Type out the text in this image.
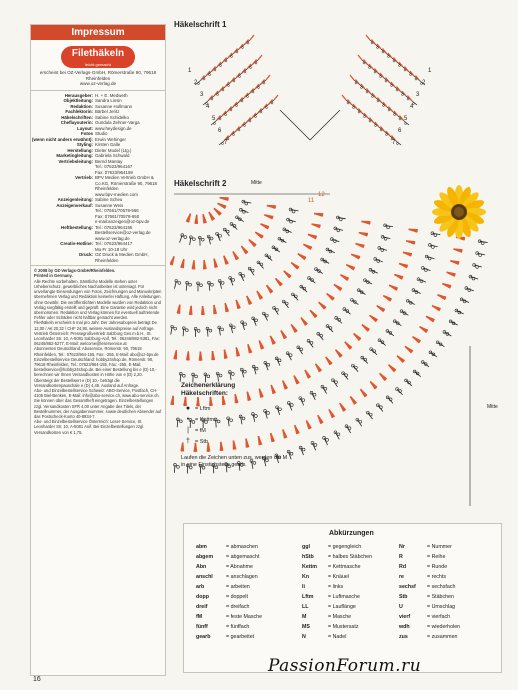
Impressum
Filethäkeln
leicht gemacht
erscheint bei OZ-Verlags-GmbH, Römerstraße 90, 79618 Rheinfelden
www.oz-verlag.de
Herausgeber: H. + E. Medweth
Objektleitung: Sandra Linsin
Redaktion: Susanne Hollmann
Fachlektorin: Bärbel Jeritz
Häkelschriften: Sabine Schidelko
Cheflayouterin: Gundula Zehner-Varga
Layout: www.heydesign.de
Fotos Studio
(wenn nicht anders erwähnt): Erwin Wehinger
Styling: Kirsten Galle
Herstellung: Dieter Model (Ltg.)
Marketingleitung: Gabriela Schwald
Vertriebsleitung: Bernd Mantay
Tel.: 07623/964167
Fax: 07623/964159
Vertrieb: BPV Medien Vertrieb GmbH & Co.KG, Römerstraße 90, 79618 Rheinfelden
www.bpv-medien.com
Anzeigenleitung: Sabine Scheu
Anzeigenverkauf: Susanne Weis
Tel.: 07661/70578-566
Fax: 07661/70578-650
e-mail:anzeigen@oz-bpv.de
Heftbestellung: Tel.: 07623/964155
Bestellservice@oz-verlag.de
www.oz-verlag.de
Creativ-Hotline: Tel.: 07623/964417
Mo-Fr 10-18 Uhr
Druck: OZ Druck & Medien GmbH, Rheinfelden
© 2008 by OZ-Verlags-GmbH/Rheinfelden.
Printed in Germany.
Alle Rechte vorbehalten. Sämtliche Modelle stehen unter Urheberschutz, gewerbliches Nacharbeiten ist untersagt. Für unverlangte Einsendungen von Fotos, Zeichnungen und Manuskripten übernehmen Verlag und Redaktion keinerlei Haftung. Alle Anleitungen ohne Gewähr. Die veröffentlichten Modelle wurden von Redaktion und Verlag sorgfältig erstellt und geprüft. Eine Garantie wird jedoch nicht übernommen. Redaktion und Verlag können für eventuell auftretende Fehler oder Schäden nicht haftbar gemacht werden.
Filethäkeln erscheint 6 mal pro Jahr. Der Jahresabopreis beträgt De 12,00 / A€ 20,32 / CHF 24,90, weitere Auslandspreise auf Anfrage.
Vertrieb Österreich: Pressegroßvertrieb Salzburg Ges.m.b.H., St. Leonharder Str. 10, A-5081 Salzburg-Anif, Tel.: 06246/882-5381, Fax: 06246/882-5277, E-Mail: welcome@leserservice.at
Abonnenten Deutschland: Aboservice, Römerstr. 90, 79618 Rheinfelden, Tel.: 07623/964-155, Fax: -255, E-Mail: abo@oz-bpv.de
Einzelbestellservice Deutschland: hobby24shop.de, Römerstr. 90, 79618 Rheinfelden, Tel.: 07623/964-155, Fax: -255, E-Mail: bestellservice@hobby24shop.de. Bei einer Bestellung bis e (D) 10,- berechnen wir Ihnen Versandkosten in Höhe von e (D) 2,20. Übersteigt der Bestellwert e (D) 10,- beträgt die Versandkostenpauschale e (D) 4,45. Ausland auf Anfrage.
Abo- und Einzelbestellservice Schweiz: ABO-Service, Postfach, CH-4105 Biel-Benken, E-Mail: info@abo-service.ch, www.abo-service.ch. Sie können über das Gesamtheft eingetragen. Einzelbestellungen zzgl. Versandkosten SFR 4,00 unter Angabe des Titels, der Bestellnummer, der Ausgabennummer, sowie deutlichen Absender auf das Postscheck-Konto 40-8934-7.
Abo- und Einzelbestellservice Österreich: Leser-Service, St. Leonharder Str. 10, A-5081 Anif. Bei Einzelbestellungen zzgl. Versandkosten von € 1,75.
Häkelschrift 1
1	1
2	2
3	3
4	4
5	5
6	6
7	7
Häkelschrift 2	Mitte
12
11
Mitte
Zeichenerklärung
Häkelschriften:
● = Lftm
•	= Kettm
|	= fM
† = Stb
Laufen die Zeichen unten zus, werden die M in eine Einstichstelle gearb.
Abkürzungen
abm	= abmaschen
abgem	= abgemascht
Abn	= Abnahme
anschl	= anschlagen
arb	= arbeiten
dopp	= doppelt
dreif	= dreifach
fM	= feste Masche
fünff	= fünffach
gearb	= gearbeitet
ggl	= gegengleich
hStb	= halbes Stäbchen
Kettm	= Kettmasche
Kn	= Knäuel
li	= links
Lftm	= Luftmasche
LL	= Lauflänge
M	= Masche
MS	= Mustersatz
N	= Nadel
Nr	= Nummer
R	= Reihe
Rd	= Runde
re	= rechts
sechsf	= sechsfach
Stb	= Stäbchen
U	= Umschlag
vierf	= vierfach
wdh	= wiederholen
zus	= zusammen
16
PassionForum.ru
